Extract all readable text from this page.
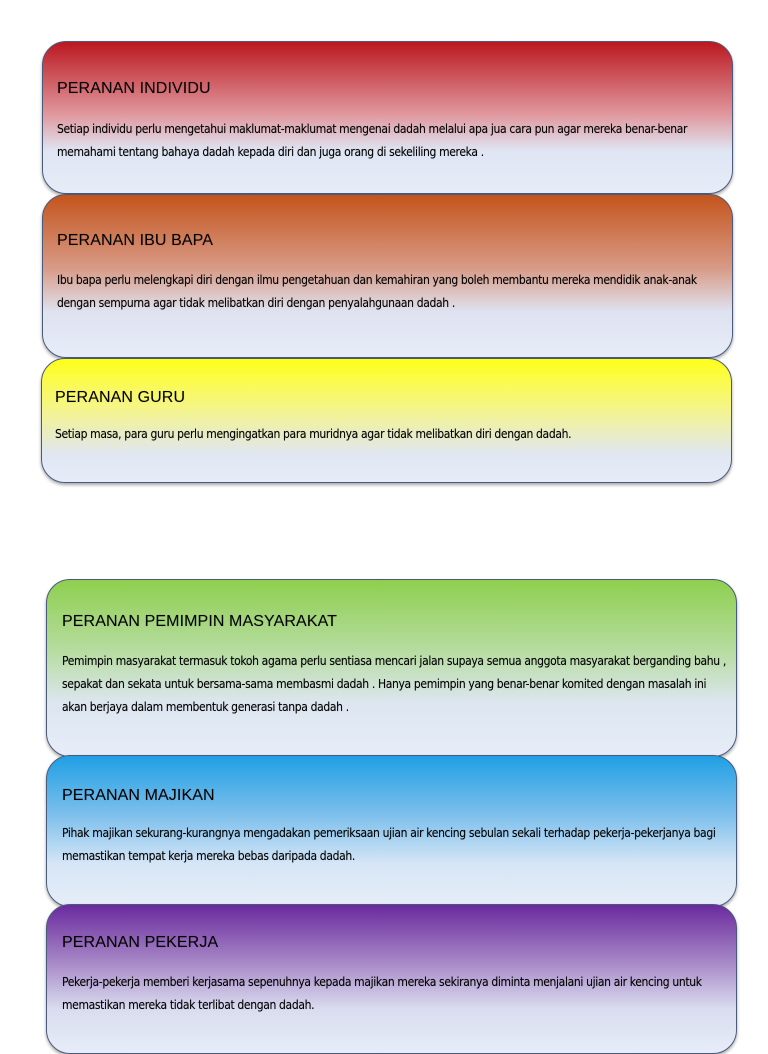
PERANAN INDIVIDU

Setiap individu perlu mengetahui maklumat-maklumat mengenai dadah melalui apa jua cara pun agar mereka benar-benar memahami tentang bahaya dadah kepada diri dan juga orang di sekeliling mereka .

PERANAN IBU BAPA

Ibu bapa perlu melengkapi diri dengan ilmu pengetahuan dan kemahiran yang boleh membantu mereka mendidik anak-anak dengan sempurna agar tidak melibatkan diri dengan penyalahgunaan dadah .

PERANAN GURU

Setiap masa, para guru perlu mengingatkan para muridnya agar tidak melibatkan diri dengan dadah.

PERANAN PEMIMPIN MASYARAKAT

Pemimpin masyarakat termasuk tokoh agama perlu sentiasa mencari jalan supaya semua anggota masyarakat berganding bahu , sepakat dan sekata untuk bersama-sama membasmi dadah . Hanya pemimpin yang benar-benar komited dengan masalah ini akan berjaya dalam membentuk generasi tanpa dadah .

PERANAN MAJIKAN

Pihak majikan sekurang-kurangnya mengadakan pemeriksaan ujian air kencing sebulan sekali terhadap pekerja-pekerjanya bagi memastikan tempat kerja mereka bebas daripada dadah.

PERANAN PEKERJA

Pekerja-pekerja memberi kerjasama sepenuhnya kepada majikan mereka sekiranya diminta menjalani ujian air kencing untuk memastikan mereka tidak terlibat dengan dadah.
